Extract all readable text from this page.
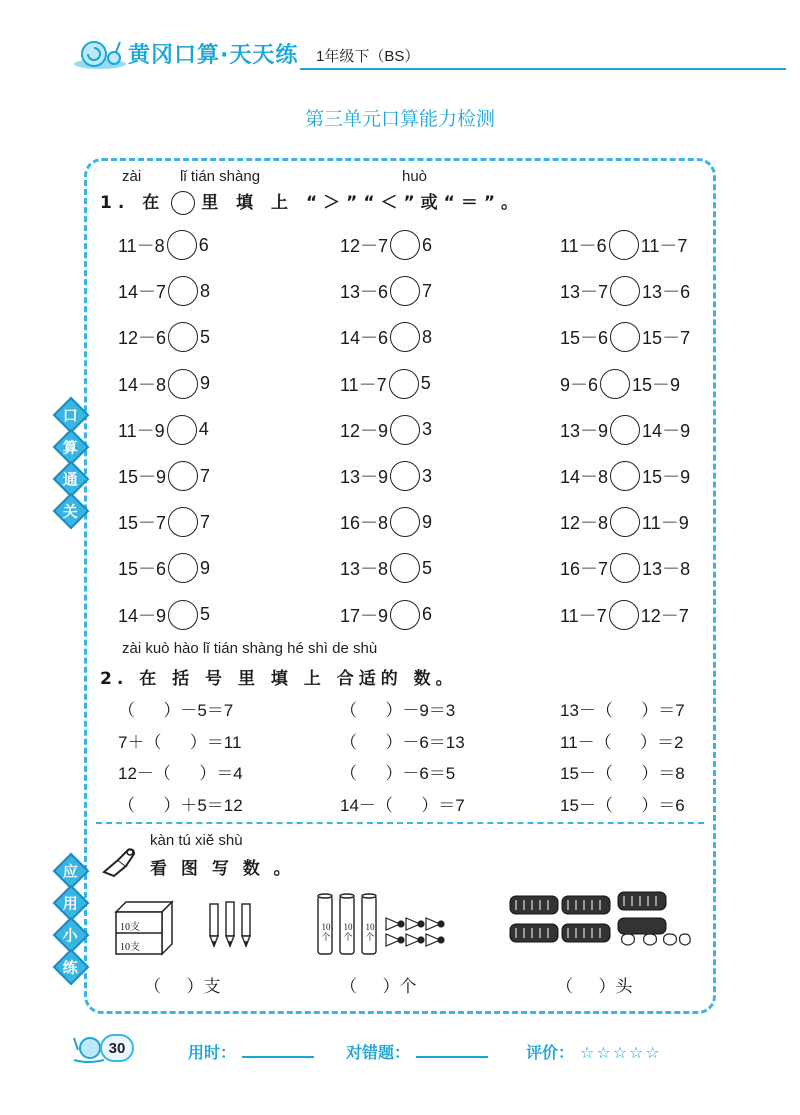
黄冈口算·天天练 1年级下（BS）
第三单元口算能力检测
口
算
通
关
应
用
小
练
zài	lǐ tián shàng	huò
1. 在 里 填 上 “＞”“＜”或“＝”。
11－8 6	12－7 6	11－6 11－7
14－7 8	13－6 7	13－7 13－6
12－6 5	14－6 8	15－6 15－7
14－8 9	11－7 5	9－6 15－9
11－9 4	12－9 3	13－9 14－9
15－9 7	13－9 3	14－8 15－9
15－7 7	16－8 9	12－8 11－9
15－6 9	13－8 5	16－7 13－8
14－9 5	17－9 6	11－7 12－7
zài kuò hào lǐ tián shàng hé shì de shù
2. 在 括 号 里 填 上 合适的 数。
（      ）－5＝7	（      ）－9＝3	13－（      ）＝7
7＋（      ）＝11	（      ）－6＝13	11－（      ）＝2
12－（      ）＝4	（      ）－6＝5	15－（      ）＝8
（      ）＋5＝12	14－（      ）＝7	15－（      ）＝6
kàn tú xiě shù
看 图 写 数 。
10支
10支
10个
10个
10个
（      ）支	（      ）个	（      ）头
30	用时：	对错题：	评价： ☆☆☆☆☆
